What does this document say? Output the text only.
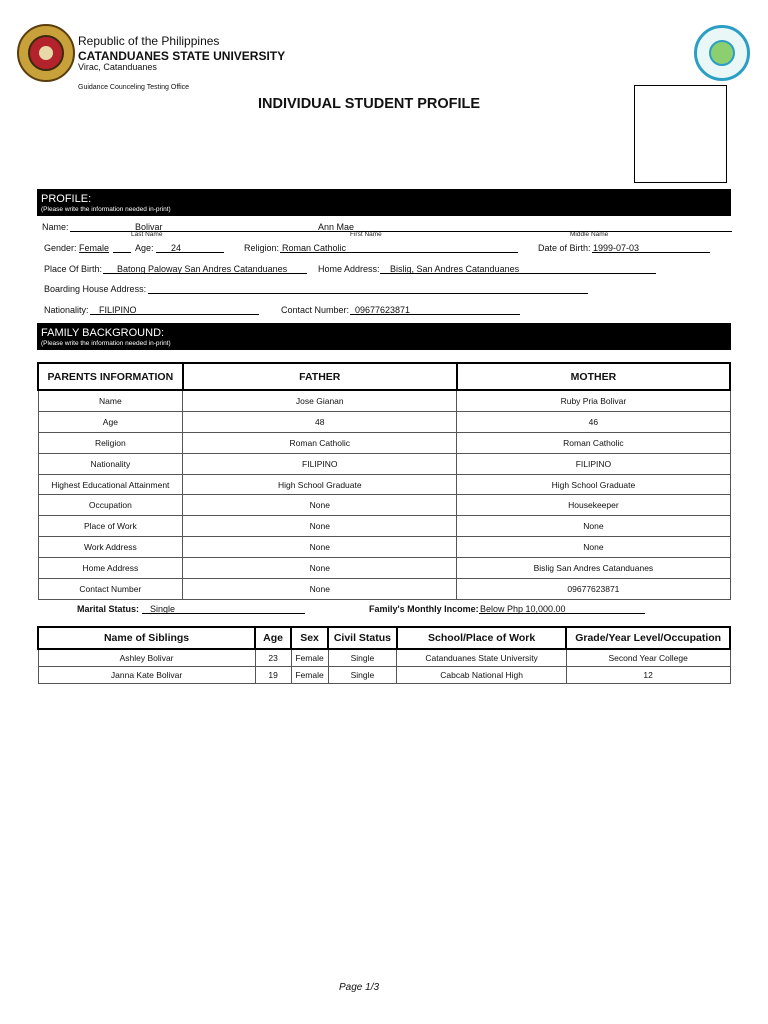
Republic of the Philippines
CATANDUANES STATE UNIVERSITY
Virac, Catanduanes
Guidance Counceling Testing Office
INDIVIDUAL STUDENT PROFILE
PROFILE:
(Please write the information needed in-print)
Name:	Bolivar	Ann Mae
Last Name	First Name	Middle Name
Gender: Female	Age: 24	Religion: Roman Catholic	Date of Birth: 1999-07-03
Place Of Birth: Batong Paloway San Andres Catanduanes	Home Address: Bislig, San Andres Catanduanes
Boarding House Address:
Nationality: FILIPINO	Contact Number: 09677623871
FAMILY BACKGROUND:
(Please write the information needed in-print)
PARENTS INFORMATION	FATHER	MOTHER
Name	Jose Gianan	Ruby Pria Bolivar
Age	48	46
Religion	Roman Catholic	Roman Catholic
Nationality	FILIPINO	FILIPINO
Highest Educational Attainment	High School Graduate	High School Graduate
Occupation	None	Housekeeper
Place of Work	None	None
Work Address	None	None
Home Address	None	Bislig San Andres Catanduanes
Contact Number	None	09677623871
Marital Status: Single	Family's Monthly Income: Below Php 10,000.00
Name of Siblings	Age	Sex	Civil Status	School/Place of Work	Grade/Year Level/Occupation
Ashley Bolivar	23	Female	Single	Catanduanes State University	Second Year College
Janna Kate Bolivar	19	Female	Single	Cabcab National High	12
Page 1/3
